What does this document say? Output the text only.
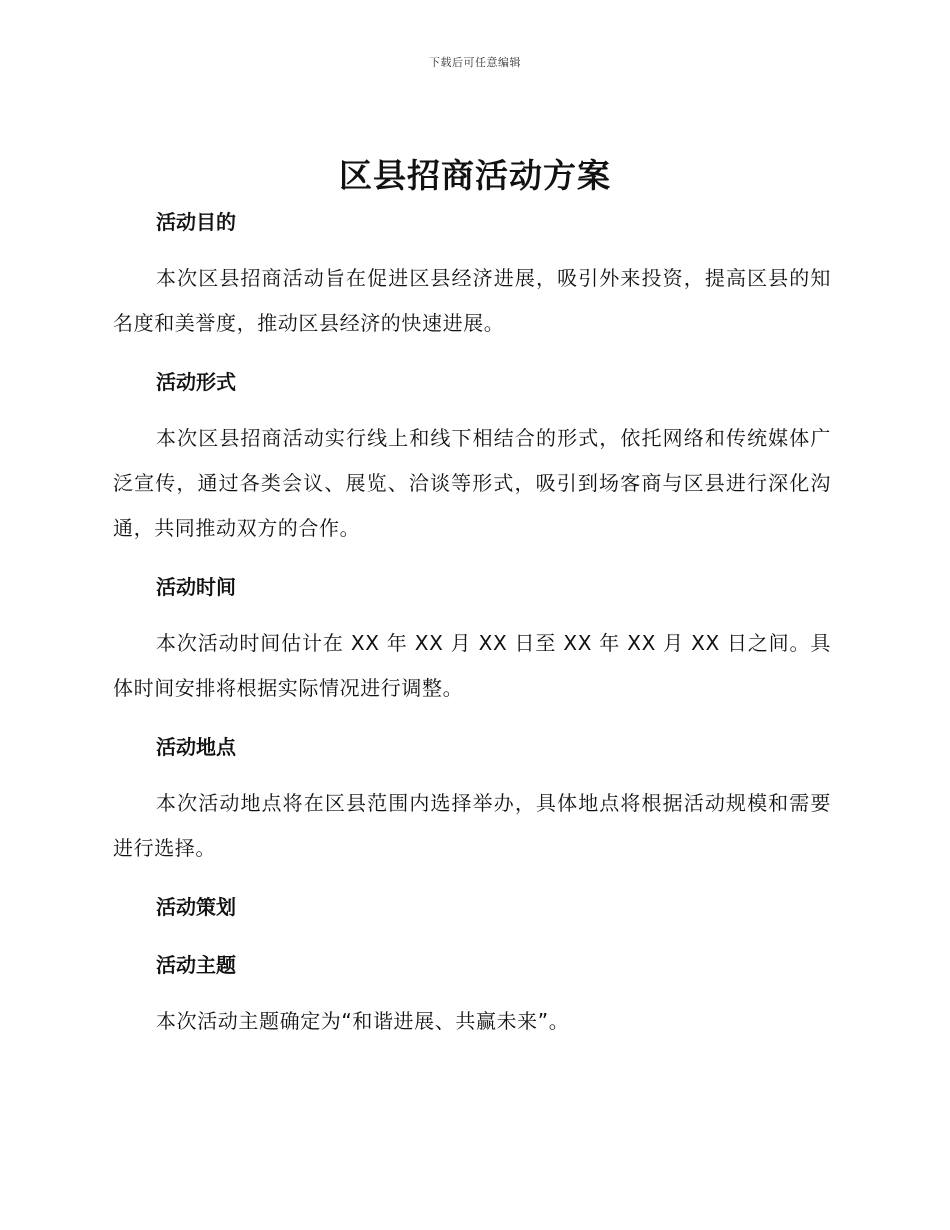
下载后可任意编辑
区县招商活动方案
活动目的

本次区县招商活动旨在促进区县经济进展，吸引外来投资，提高区县的知名度和美誉度，推动区县经济的快速进展。

活动形式

本次区县招商活动实行线上和线下相结合的形式，依托网络和传统媒体广泛宣传，通过各类会议、展览、洽谈等形式，吸引到场客商与区县进行深化沟通，共同推动双方的合作。

活动时间

本次活动时间估计在 XX 年 XX 月 XX 日至 XX 年 XX 月 XX 日之间。具体时间安排将根据实际情况进行调整。

活动地点

本次活动地点将在区县范围内选择举办，具体地点将根据活动规模和需要进行选择。

活动策划
活动主题

本次活动主题确定为“和谐进展、共赢未来”。
